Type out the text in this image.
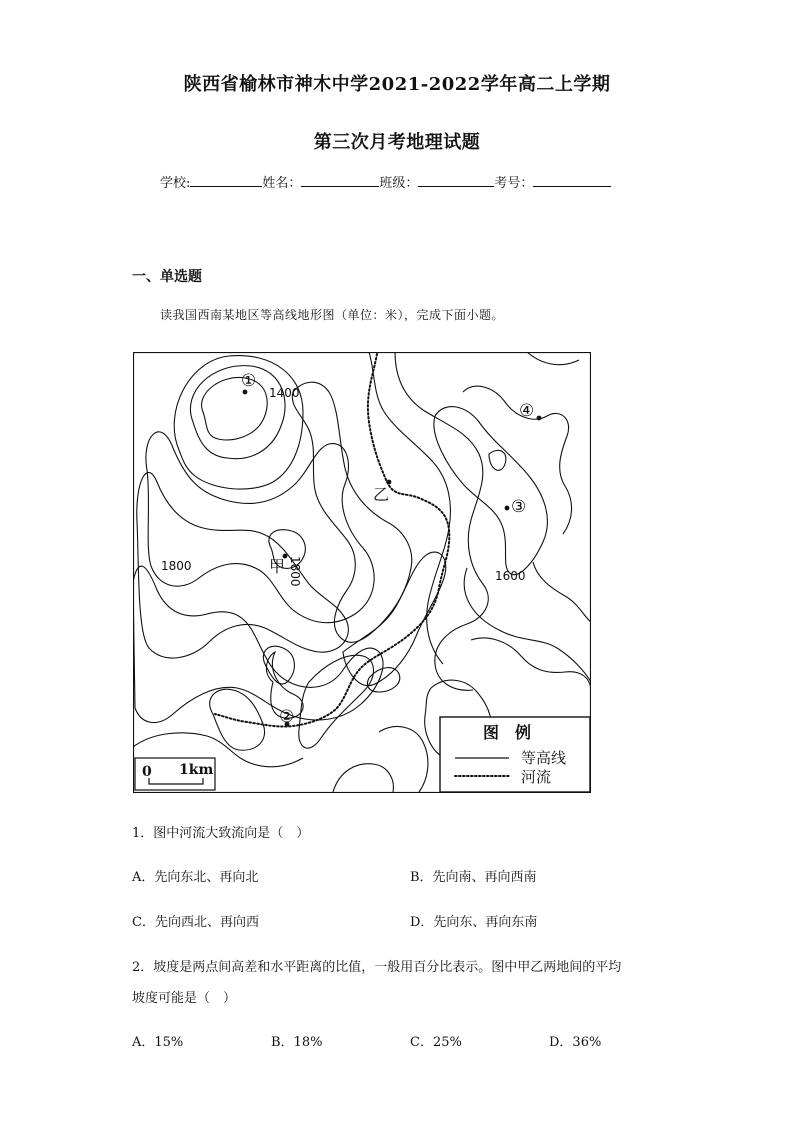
陕西省榆林市神木中学2021-2022学年高二上学期
第三次月考地理试题
学校:	姓名：	班级：	考号：
一、单选题
读我国西南某地区等高线地形图（单位：米），完成下面小题。
①
②
③
④
甲
乙
1400
1800	1800	1600
图　例
等高线
河流
0 1km
1．图中河流大致流向是（　）
A．先向东北、再向北	B．先向南、再向西南
C．先向西北、再向西	D．先向东、再向东南
2．坡度是两点间高差和水平距离的比值，一般用百分比表示。图中甲乙两地间的平均
坡度可能是（　）
A．15%	B．18%	C．25%	D．36%
